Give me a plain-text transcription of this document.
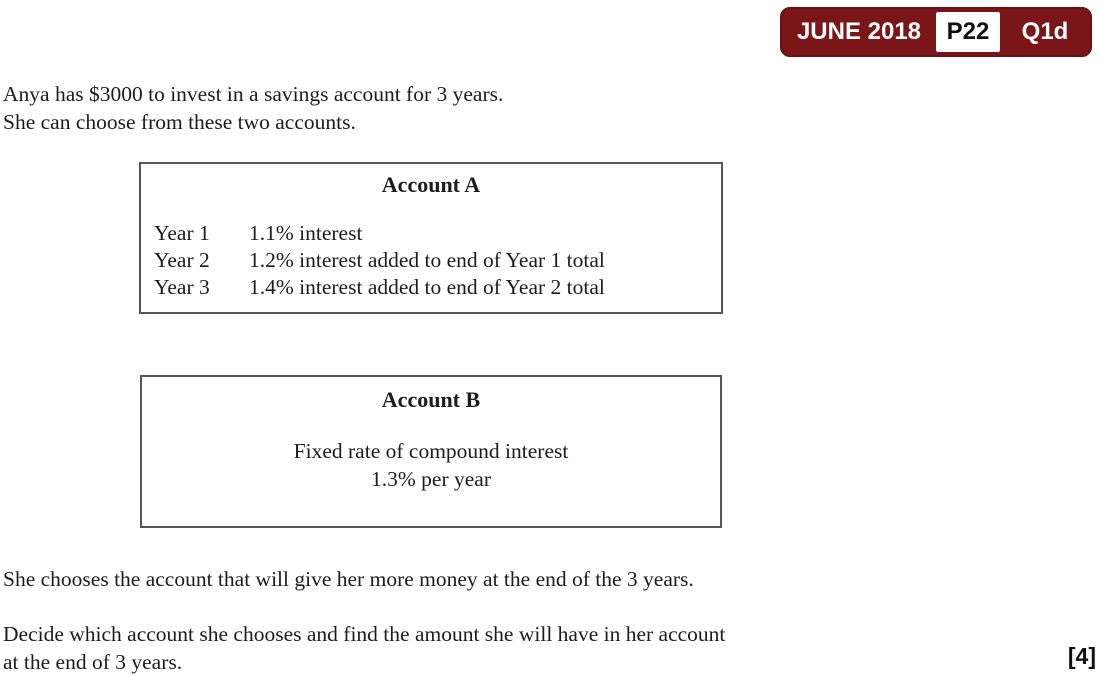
JUNE 2018	P22	Q1d
Anya has $3000 to invest in a savings account for 3 years.
She can choose from these two accounts.
Account A
Year 1 1.1% interest
Year 2 1.2% interest added to end of Year 1 total
Year 3 1.4% interest added to end of Year 2 total
Account B
Fixed rate of compound interest
1.3% per year
She chooses the account that will give her more money at the end of the 3 years.
Decide which account she chooses and find the amount she will have in her account
at the end of 3 years.	[4]
